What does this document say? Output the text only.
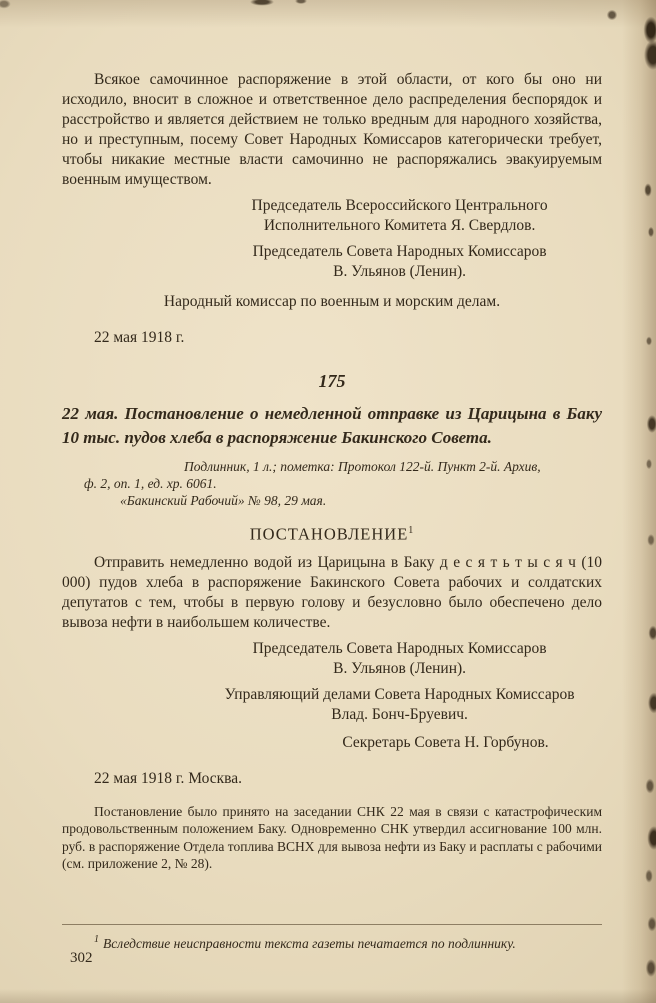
Всякое самочинное распоряжение в этой области, от кого бы оно ни исходило, вносит в сложное и ответственное дело распределения беспорядок и расстройство и является действием не только вредным для народного хозяйства, но и преступным, посему Совет Народных Комиссаров категорически требует, чтобы никакие местные власти самочинно не распоряжались эвакуируемым военным имуществом.

Председатель Всероссийского Центрального
Исполнительного Комитета Я. Свердлов.
Председатель Совета Народных Комиссаров
В. Ульянов (Ленин).

Народный комиссар по военным и морским делам.

22 мая 1918 г.

175
22 мая. Постановление о немедленной отправке из Царицына в Баку 10 тыс. пудов хлеба в распоряжение Бакинского Совета.
Подлинник, 1 л.; пометка: Протокол 122-й. Пункт 2-й. Архив,
ф. 2, оп. 1, ед. хр. 6061.
«Бакинский Рабочий» № 98, 29 мая.
ПОСТАНОВЛЕНИЕ$^1$

Отправить немедленно водой из Царицына в Баку д е с я т ь т ы с я ч (10 000) пудов хлеба в распоряжение Бакинского Совета рабочих и солдатских депутатов с тем, чтобы в первую голову и безусловно было обеспечено дело вывоза нефти в наибольшем количестве.

Председатель Совета Народных Комиссаров
В. Ульянов (Ленин).
Управляющий делами Совета Народных Комиссаров
Влад. Бонч-Бруевич.
Секретарь Совета Н. Горбунов.

22 мая 1918 г. Москва.

Постановление было принято на заседании СНК 22 мая в связи с катастрофическим продовольственным положением Баку. Одновременно СНК утвердил ассигнование 100 млн. руб. в распоряжение Отдела топлива ВСНХ для вывоза нефти из Баку и расплаты с рабочими (см. приложение 2, № 28).

$^1$ Вследствие неисправности текста газеты печатается по подлиннику.

302
